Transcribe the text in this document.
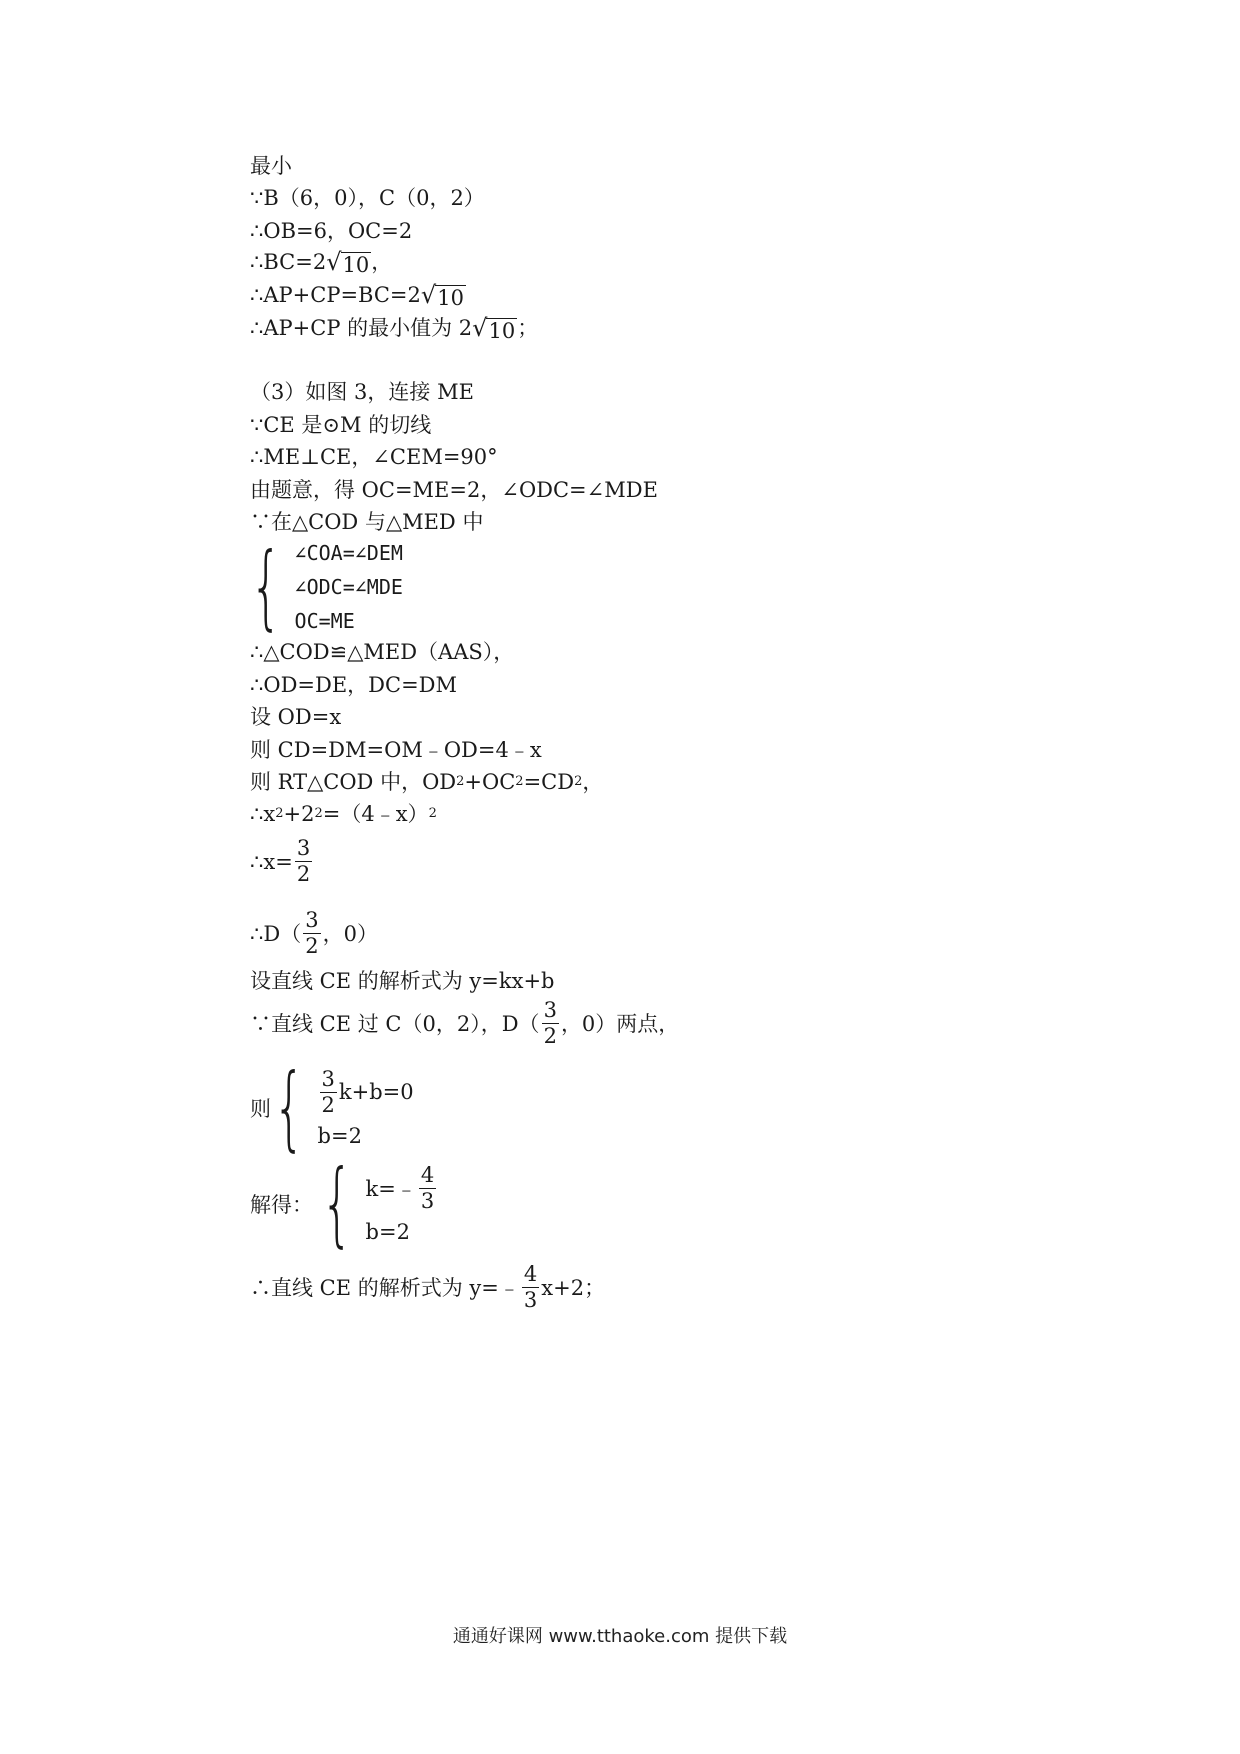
最小
∵B（6，0），C（0，2）
∴OB=6，OC=2
∴BC=2 √ 10 ，
∴AP+CP=BC=2 √ 10
∴AP+CP 的最小值为 2 √ 10 ；
（3）如图 3，连接 ME
∵CE 是⊙M 的切线
∴ME⊥CE，∠CEM=90°
由题意，得 OC=ME=2，∠ODC=∠MDE
∵在△COD 与△MED 中
{ ∠COA=∠DEM
∠ODC=∠MDE
OC=ME
∴△COD≌△MED（AAS），
∴OD=DE，DC=DM
设 OD=x
则 CD=DM=OM﹣OD=4﹣x
则 RT△COD 中，OD 2 +OC 2 =CD 2 ，
∴x 2 +2 2 =（4﹣x） 2
∴x= $\frac{3}{2}$
∴D（ $\frac{3}{2}$ ，0）
设直线 CE 的解析式为 y=kx+b
∵直线 CE 过 C（0，2），$D( \frac{3}{2}$ ，0）两点，
则 { $\frac{3}{2} k+b=0$
b=2
解得： { k=﹣ $\frac{4}{3}$
b=2
∴直线 CE 的解析式为 y=﹣ $\frac{4}{3} x+2$；
通通好课网 www.tthaoke.com 提供下载
